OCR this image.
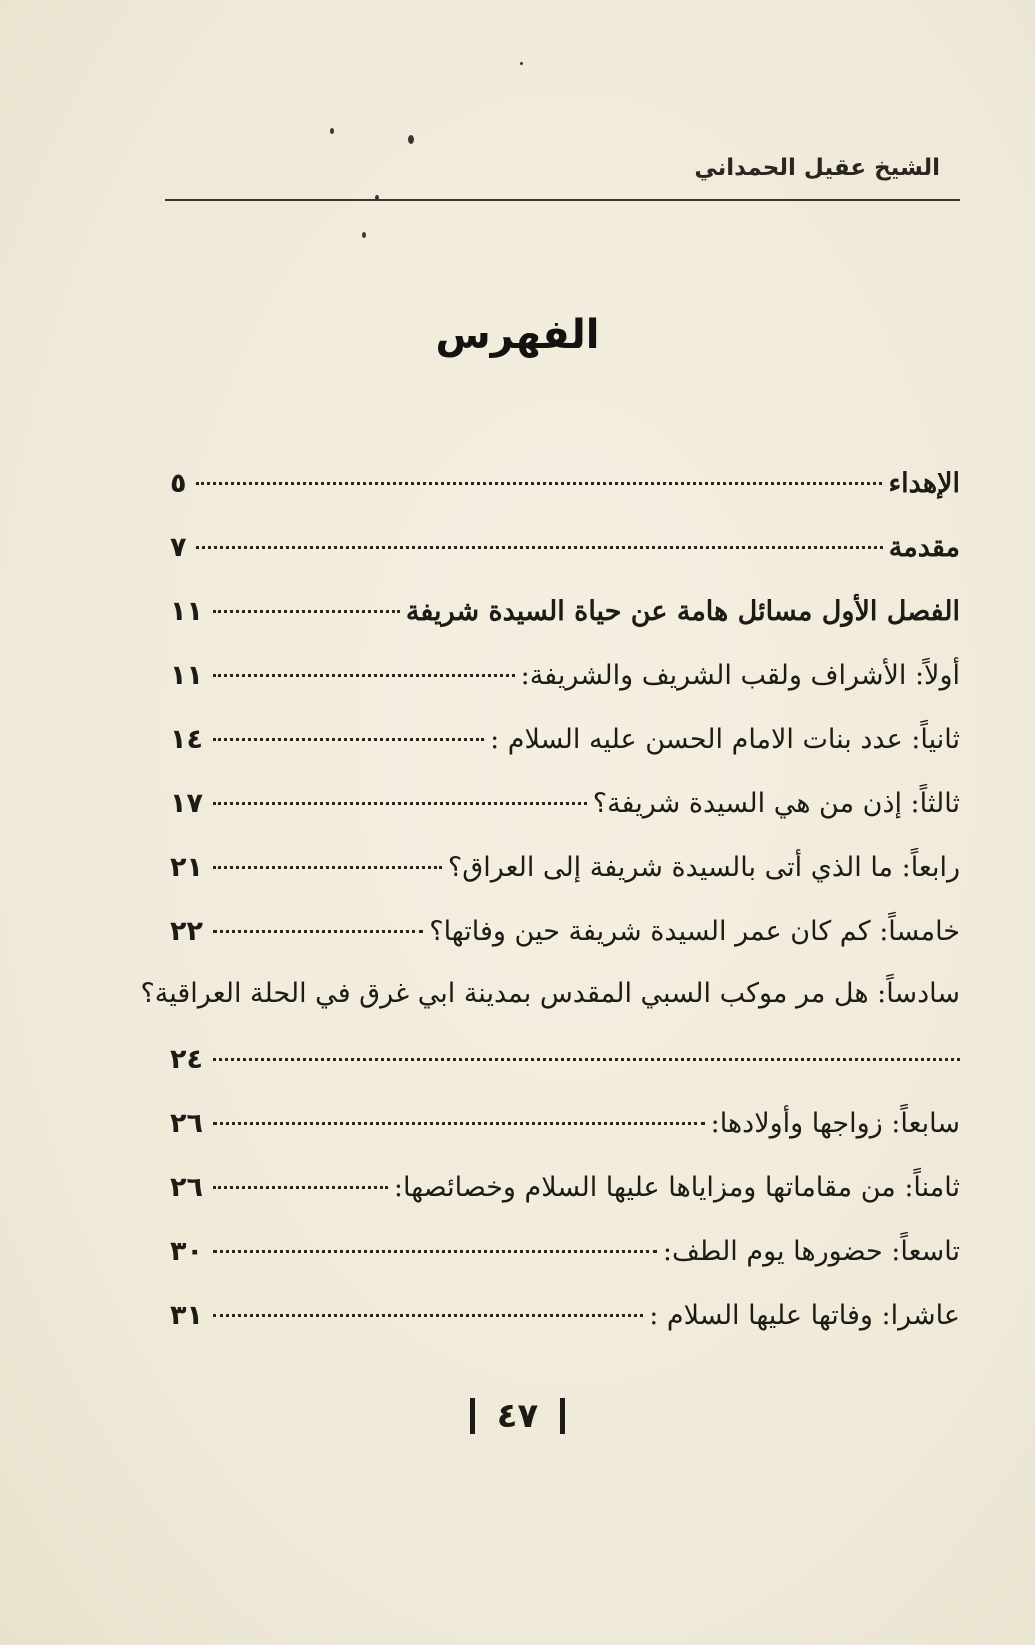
الشيخ عقيل الحمداني
الفهرس
الإهداء
٥
مقدمة
٧
الفصل الأول مسائل هامة عن حياة السيدة شريفة
١١
أولاً: الأشراف ولقب الشريف والشريفة:
١١
ثانياً: عدد بنات الامام الحسن عليه السلام :
١٤
ثالثاً: إذن من هي السيدة شريفة؟
١٧
رابعاً: ما الذي أتى بالسيدة شريفة إلى العراق؟
٢١
خامساً: كم كان عمر السيدة شريفة حين وفاتها؟
٢٢
سادساً: هل مر موكب السبي المقدس بمدينة ابي غرق في الحلة العراقية؟
٢٤
سابعاً: زواجها وأولادها:
٢٦
ثامناً: من مقاماتها ومزاياها عليها السلام وخصائصها:
٢٦
تاسعاً: حضورها يوم الطف:
٣٠
عاشرا: وفاتها عليها السلام :
٣١
٤٧
